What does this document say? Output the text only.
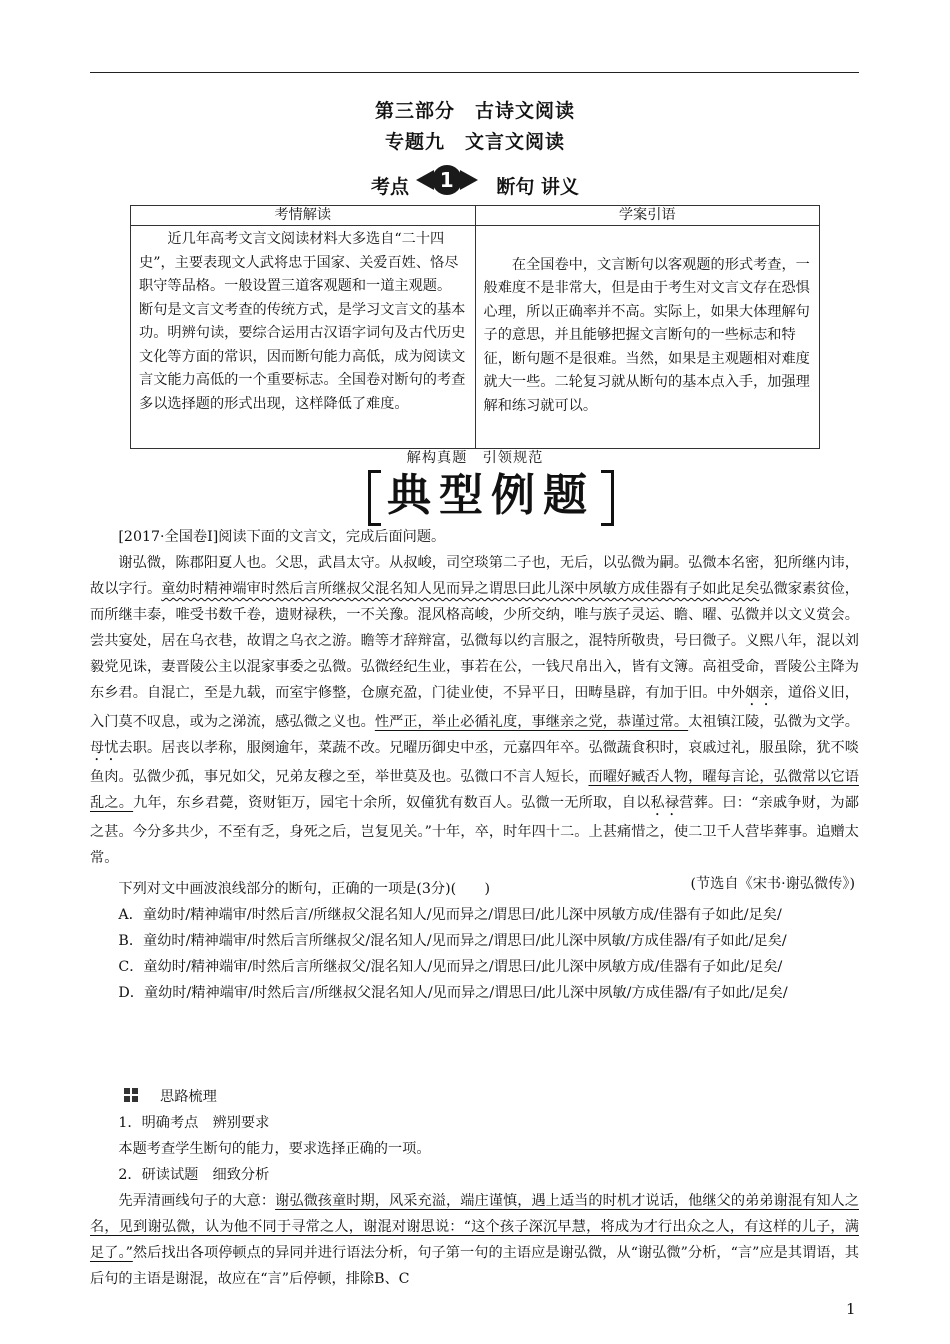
第三部分　古诗文阅读
专题九　文言文阅读
考点 1 断句 讲义
考情解读	学案引语

近几年高考文言文阅读材料大多选自“二十四史”，主要表现文人武将忠于国家、关爱百姓、恪尽职守等品格。一般设置三道客观题和一道主观题。

断句是文言文考查的传统方式，是学习文言文的基本功。明辨句读，要综合运用古汉语字词句及古代历史文化等方面的常识，因而断句能力高低，成为阅读文言文能力高低的一个重要标志。全国卷对断句的考查多以选择题的形式出现，这样降低了难度。	在全国卷中，文言断句以客观题的形式考查，一般难度不是非常大，但是由于考生对文言文存在恐惧心理，所以正确率并不高。实际上，如果大体理解句子的意思，并且能够把握文言断句的一些标志和特征，断句题不是很难。当然，如果是主观题相对难度就大一些。二轮复习就从断句的基本点入手，加强理解和练习就可以。

解构真题　引领规范
典型例题

[2017·全国卷Ⅰ]阅读下面的文言文，完成后面问题。

谢弘微，陈郡阳夏人也。父思，武昌太守。从叔峻，司空琰第二子也，无后，以弘微为嗣。弘微本名密，犯所继内讳，故以字行。童幼时精神端审时然后言所继叔父混名知人见而异之谓思曰此儿深中夙敏方成佳器有子如此足矣弘微家素贫俭，而所继丰泰，唯受书数千卷，遗财禄秩，一不关豫。混风格高峻，少所交纳，唯与族子灵运、瞻、曜、弘微并以文义赏会。尝共宴处，居在乌衣巷，故谓之乌衣之游。瞻等才辞辩富，弘微每以约言服之，混特所敬贵，号曰微子。义熙八年，混以刘毅党见诛，妻晋陵公主以混家事委之弘微。弘微经纪生业，事若在公，一钱尺帛出入，皆有文簿。高祖受命，晋陵公主降为东乡君。自混亡，至是九载，而室宇修整，仓廪充盈，门徒业使，不异平日，田畴垦辟，有加于旧。中外姻亲，道俗义旧，入门莫不叹息，或为之涕流，感弘微之义也。性严正，举止必循礼度，事继亲之党，恭谨过常。太祖镇江陵，弘微为文学。母忧去职。居丧以孝称，服阕逾年，菜蔬不改。兄曜历御史中丞，元嘉四年卒。弘微蔬食积时，哀戚过礼，服虽除，犹不啖鱼肉。弘微少孤，事兄如父，兄弟友穆之至，举世莫及也。弘微口不言人短长，而曜好臧否人物，曜每言论，弘微常以它语乱之。九年，东乡君薨，资财钜万，园宅十余所，奴僮犹有数百人。弘微一无所取，自以私禄营葬。曰：“亲戚争财，为鄙之甚。今分多共少，不至有乏，身死之后，岂复见关。”十年，卒，时年四十二。上甚痛惜之，使二卫千人营毕葬事。追赠太常。

(节选自《宋书·谢弘微传》)

下列对文中画波浪线部分的断句，正确的一项是(3分)(　　)

A．童幼时/精神端审/时然后言/所继叔父混名知人/见而异之/谓思曰/此儿深中夙敏方成/佳器有子如此/足矣/

B．童幼时/精神端审/时然后言所继叔父/混名知人/见而异之/谓思曰/此儿深中夙敏/方成佳器/有子如此/足矣/

C．童幼时/精神端审/时然后言所继叔父/混名知人/见而异之/谓思曰/此儿深中夙敏方成/佳器有子如此/足矣/

D．童幼时/精神端审/时然后言/所继叔父混名知人/见而异之/谓思曰/此儿深中夙敏/方成佳器/有子如此/足矣/

思路梳理

1．明确考点　辨别要求

本题考查学生断句的能力，要求选择正确的一项。

2．研读试题　细致分析

先弄清画线句子的大意：谢弘微孩童时期，风采充溢，端庄谨慎，遇上适当的时机才说话，他继父的弟弟谢混有知人之名，见到谢弘微，认为他不同于寻常之人，谢混对谢思说：“这个孩子深沉早慧，将成为才行出众之人，有这样的儿子，满足了。”然后找出各项停顿点的异同并进行语法分析，句子第一句的主语应是谢弘微，从“谢弘微”分析，“言”应是其谓语，其后句的主语是谢混，故应在“言”后停顿，排除B、C

1
